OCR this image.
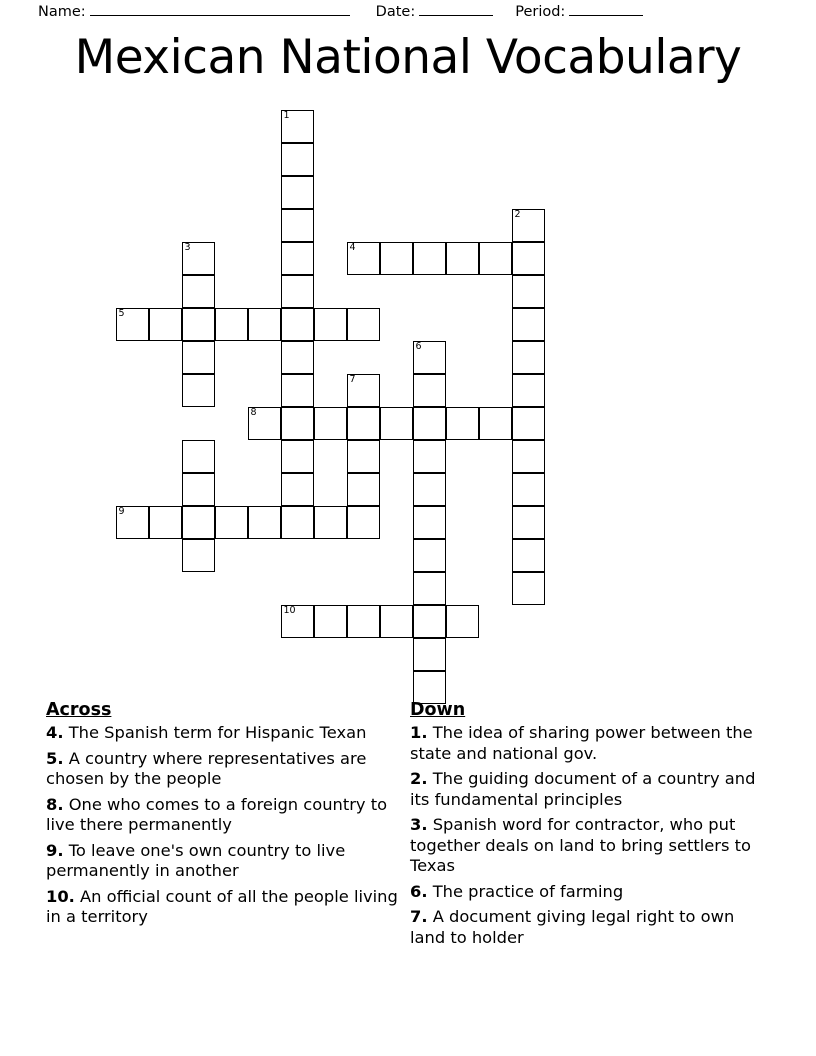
Name:	Date:	Period:
Mexican National Vocabulary
1
2
3	4
5
6
7
8
9
10
Across
4. The Spanish term for Hispanic Texan
5. A country where representatives are chosen by the people
8. One who comes to a foreign country to live there permanently
9. To leave one's own country to live permanently in another
10. An official count of all the people living in a territory
Down
1. The idea of sharing power between the state and national gov.
2. The guiding document of a country and its fundamental principles
3. Spanish word for contractor, who put together deals on land to bring settlers to Texas
6. The practice of farming
7. A document giving legal right to own land to holder
